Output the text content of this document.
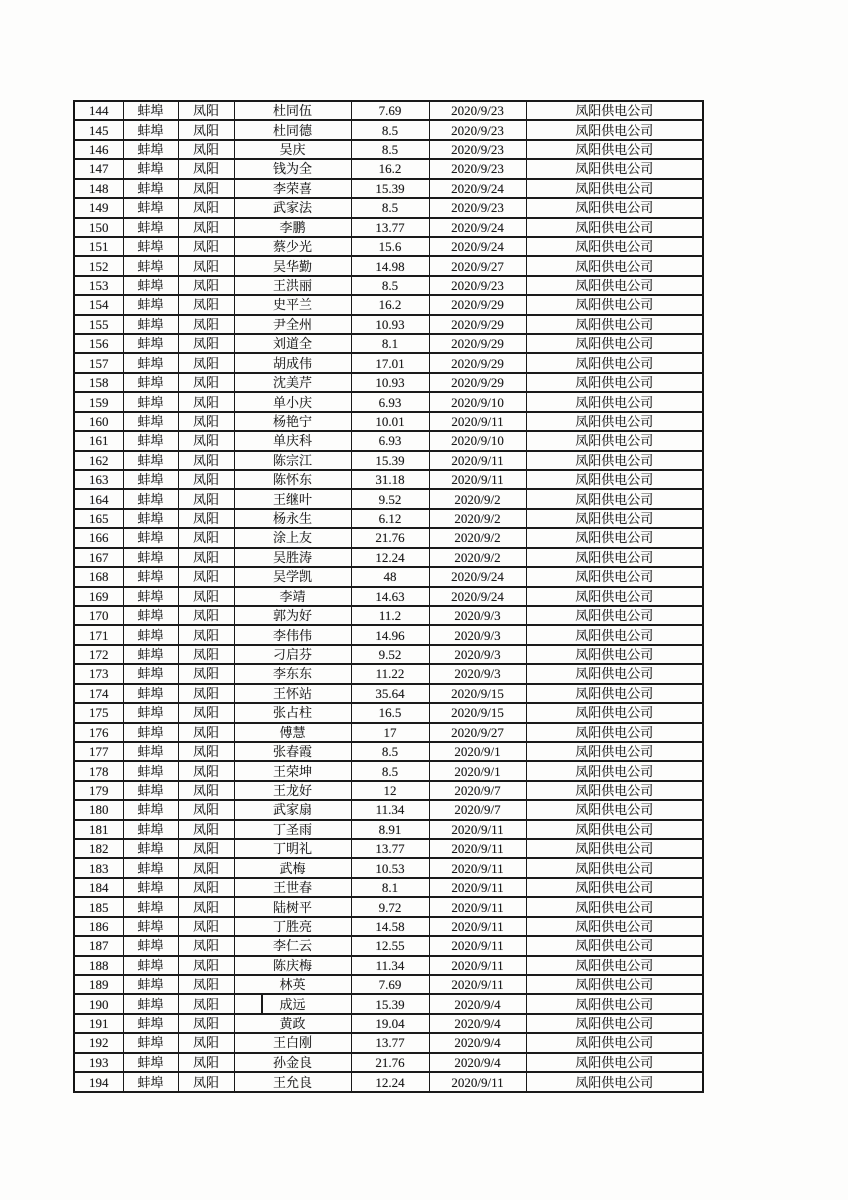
144	蚌埠	凤阳	杜同伍	7.69	2020/9/23	凤阳供电公司
145	蚌埠	凤阳	杜同德	8.5	2020/9/23	凤阳供电公司
146	蚌埠	凤阳	吴庆	8.5	2020/9/23	凤阳供电公司
147	蚌埠	凤阳	钱为全	16.2	2020/9/23	凤阳供电公司
148	蚌埠	凤阳	李荣喜	15.39	2020/9/24	凤阳供电公司
149	蚌埠	凤阳	武家法	8.5	2020/9/23	凤阳供电公司
150	蚌埠	凤阳	李鹏	13.77	2020/9/24	凤阳供电公司
151	蚌埠	凤阳	蔡少光	15.6	2020/9/24	凤阳供电公司
152	蚌埠	凤阳	吴华勤	14.98	2020/9/27	凤阳供电公司
153	蚌埠	凤阳	王洪丽	8.5	2020/9/23	凤阳供电公司
154	蚌埠	凤阳	史平兰	16.2	2020/9/29	凤阳供电公司
155	蚌埠	凤阳	尹全州	10.93	2020/9/29	凤阳供电公司
156	蚌埠	凤阳	刘道全	8.1	2020/9/29	凤阳供电公司
157	蚌埠	凤阳	胡成伟	17.01	2020/9/29	凤阳供电公司
158	蚌埠	凤阳	沈美芹	10.93	2020/9/29	凤阳供电公司
159	蚌埠	凤阳	单小庆	6.93	2020/9/10	凤阳供电公司
160	蚌埠	凤阳	杨艳宁	10.01	2020/9/11	凤阳供电公司
161	蚌埠	凤阳	单庆科	6.93	2020/9/10	凤阳供电公司
162	蚌埠	凤阳	陈宗江	15.39	2020/9/11	凤阳供电公司
163	蚌埠	凤阳	陈怀东	31.18	2020/9/11	凤阳供电公司
164	蚌埠	凤阳	王继叶	9.52	2020/9/2	凤阳供电公司
165	蚌埠	凤阳	杨永生	6.12	2020/9/2	凤阳供电公司
166	蚌埠	凤阳	涂上友	21.76	2020/9/2	凤阳供电公司
167	蚌埠	凤阳	吴胜涛	12.24	2020/9/2	凤阳供电公司
168	蚌埠	凤阳	吴学凯	48	2020/9/24	凤阳供电公司
169	蚌埠	凤阳	李靖	14.63	2020/9/24	凤阳供电公司
170	蚌埠	凤阳	郭为好	11.2	2020/9/3	凤阳供电公司
171	蚌埠	凤阳	李伟伟	14.96	2020/9/3	凤阳供电公司
172	蚌埠	凤阳	刁启芬	9.52	2020/9/3	凤阳供电公司
173	蚌埠	凤阳	李东东	11.22	2020/9/3	凤阳供电公司
174	蚌埠	凤阳	王怀站	35.64	2020/9/15	凤阳供电公司
175	蚌埠	凤阳	张占柱	16.5	2020/9/15	凤阳供电公司
176	蚌埠	凤阳	傅慧	17	2020/9/27	凤阳供电公司
177	蚌埠	凤阳	张春霞	8.5	2020/9/1	凤阳供电公司
178	蚌埠	凤阳	王荣坤	8.5	2020/9/1	凤阳供电公司
179	蚌埠	凤阳	王龙好	12	2020/9/7	凤阳供电公司
180	蚌埠	凤阳	武家扇	11.34	2020/9/7	凤阳供电公司
181	蚌埠	凤阳	丁圣雨	8.91	2020/9/11	凤阳供电公司
182	蚌埠	凤阳	丁明礼	13.77	2020/9/11	凤阳供电公司
183	蚌埠	凤阳	武梅	10.53	2020/9/11	凤阳供电公司
184	蚌埠	凤阳	王世春	8.1	2020/9/11	凤阳供电公司
185	蚌埠	凤阳	陆树平	9.72	2020/9/11	凤阳供电公司
186	蚌埠	凤阳	丁胜亮	14.58	2020/9/11	凤阳供电公司
187	蚌埠	凤阳	李仁云	12.55	2020/9/11	凤阳供电公司
188	蚌埠	凤阳	陈庆梅	11.34	2020/9/11	凤阳供电公司
189	蚌埠	凤阳	林英	7.69	2020/9/11	凤阳供电公司
190	蚌埠	凤阳	成远	15.39	2020/9/4	凤阳供电公司
191	蚌埠	凤阳	黄政	19.04	2020/9/4	凤阳供电公司
192	蚌埠	凤阳	王白刚	13.77	2020/9/4	凤阳供电公司
193	蚌埠	凤阳	孙金良	21.76	2020/9/4	凤阳供电公司
194	蚌埠	凤阳	王允良	12.24	2020/9/11	凤阳供电公司
